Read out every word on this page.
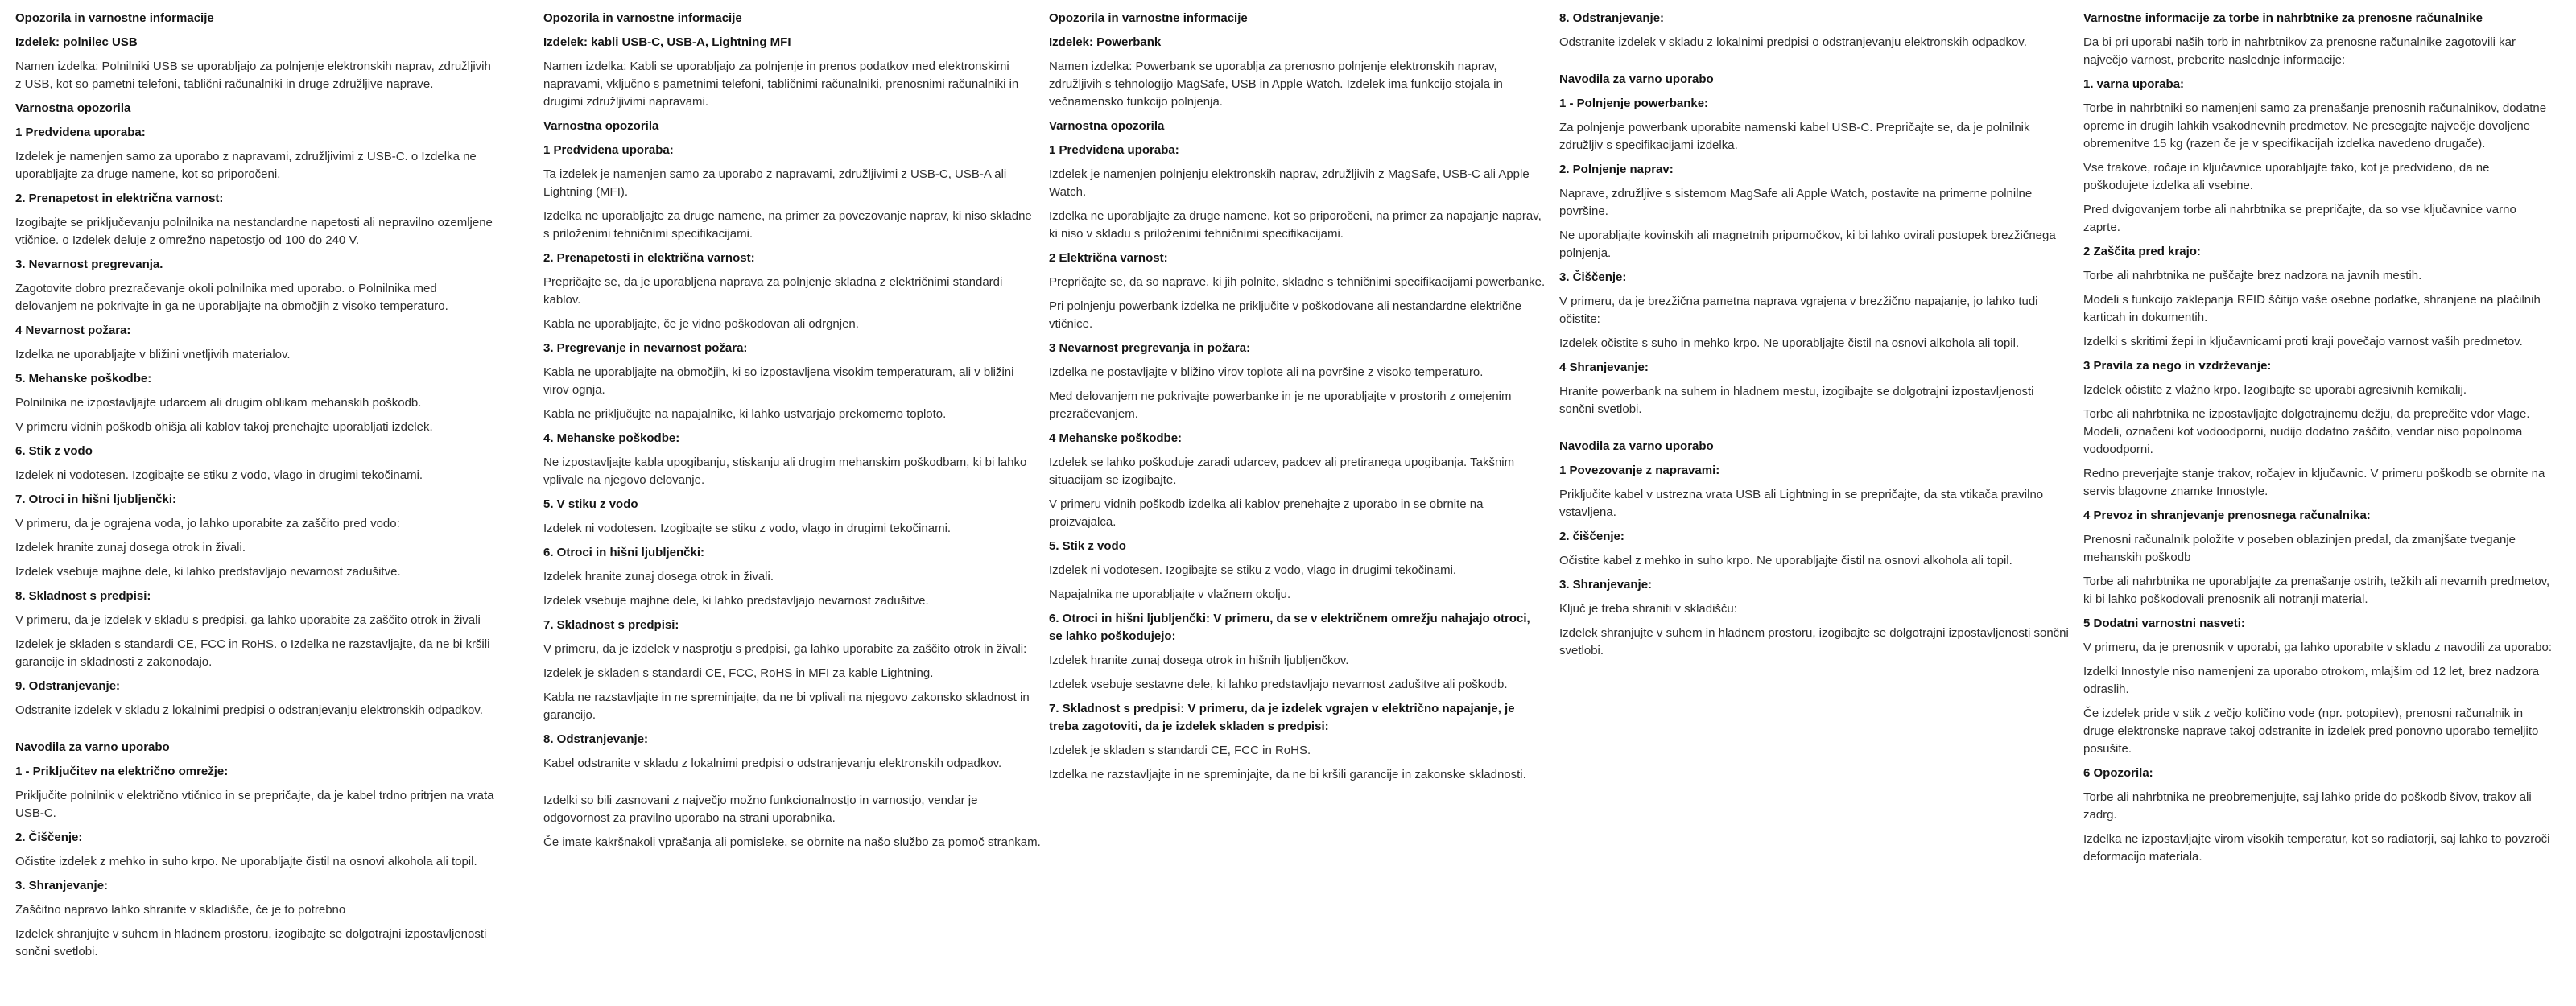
Opozorila in varnostne informacije
Izdelek: polnilec USB
Namen izdelka: Polnilniki USB se uporabljajo za polnjenje elektronskih naprav, združljivih z USB, kot so pametni telefoni, tablični računalniki in druge združljive naprave.
Varnostna opozorila
1 Predvidena uporaba:
Izdelek je namenjen samo za uporabo z napravami, združljivimi z USB-C. o Izdelka ne uporabljajte za druge namene, kot so priporočeni.
2. Prenapetost in električna varnost:
Izogibajte se priključevanju polnilnika na nestandardne napetosti ali nepravilno ozemljene vtičnice. o Izdelek deluje z omrežno napetostjo od 100 do 240 V.
3. Nevarnost pregrevanja.
Zagotovite dobro prezračevanje okoli polnilnika med uporabo. o Polnilnika med delovanjem ne pokrivajte in ga ne uporabljajte na območjih z visoko temperaturo.
4 Nevarnost požara:
Izdelka ne uporabljajte v bližini vnetljivih materialov.
5. Mehanske poškodbe:
Polnilnika ne izpostavljajte udarcem ali drugim oblikam mehanskih poškodb.
V primeru vidnih poškodb ohišja ali kablov takoj prenehajte uporabljati izdelek.
6. Stik z vodo
Izdelek ni vodotesen. Izogibajte se stiku z vodo, vlago in drugimi tekočinami.
7. Otroci in hišni ljubljenčki:
V primeru, da je ograjena voda, jo lahko uporabite za zaščito pred vodo:
Izdelek hranite zunaj dosega otrok in živali.
Izdelek vsebuje majhne dele, ki lahko predstavljajo nevarnost zadušitve.
8. Skladnost s predpisi:
V primeru, da je izdelek v skladu s predpisi, ga lahko uporabite za zaščito otrok in živali
Izdelek je skladen s standardi CE, FCC in RoHS. o Izdelka ne razstavljajte, da ne bi kršili garancije in skladnosti z zakonodajo.
9. Odstranjevanje:
Odstranite izdelek v skladu z lokalnimi predpisi o odstranjevanju elektronskih odpadkov.
Navodila za varno uporabo
1 - Priključitev na električno omrežje:
Priključite polnilnik v električno vtičnico in se prepričajte, da je kabel trdno pritrjen na vrata USB-C.
2. Čiščenje:
Očistite izdelek z mehko in suho krpo. Ne uporabljajte čistil na osnovi alkohola ali topil.
3. Shranjevanje:
Zaščitno napravo lahko shranite v skladišče, če je to potrebno
Izdelek shranjujte v suhem in hladnem prostoru, izogibajte se dolgotrajni izpostavljenosti sončni svetlobi.
Opozorila in varnostne informacije
Izdelek: kabli USB-C, USB-A, Lightning MFI
Namen izdelka: Kabli se uporabljajo za polnjenje in prenos podatkov med elektronskimi napravami, vključno s pametnimi telefoni, tabličnimi računalniki, prenosnimi računalniki in drugimi združljivimi napravami.
Varnostna opozorila
1 Predvidena uporaba:
Ta izdelek je namenjen samo za uporabo z napravami, združljivimi z USB-C, USB-A ali Lightning (MFI).
Izdelka ne uporabljajte za druge namene, na primer za povezovanje naprav, ki niso skladne s priloženimi tehničnimi specifikacijami.
2. Prenapetosti in električna varnost:
Prepričajte se, da je uporabljena naprava za polnjenje skladna z električnimi standardi kablov.
Kabla ne uporabljajte, če je vidno poškodovan ali odrgnjen.
3. Pregrevanje in nevarnost požara:
Kabla ne uporabljajte na območjih, ki so izpostavljena visokim temperaturam, ali v bližini virov ognja.
Kabla ne priključujte na napajalnike, ki lahko ustvarjajo prekomerno toploto.
4. Mehanske poškodbe:
Ne izpostavljajte kabla upogibanju, stiskanju ali drugim mehanskim poškodbam, ki bi lahko vplivale na njegovo delovanje.
5. V stiku z vodo
Izdelek ni vodotesen. Izogibajte se stiku z vodo, vlago in drugimi tekočinami.
6. Otroci in hišni ljubljenčki:
Izdelek hranite zunaj dosega otrok in živali.
Izdelek vsebuje majhne dele, ki lahko predstavljajo nevarnost zadušitve.
7. Skladnost s predpisi:
V primeru, da je izdelek v nasprotju s predpisi, ga lahko uporabite za zaščito otrok in živali:
Izdelek je skladen s standardi CE, FCC, RoHS in MFI za kable Lightning.
Kabla ne razstavljajte in ne spreminjajte, da ne bi vplivali na njegovo zakonsko skladnost in garancijo.
8. Odstranjevanje:
Kabel odstranite v skladu z lokalnimi predpisi o odstranjevanju elektronskih odpadkov.
Izdelki so bili zasnovani z največjo možno funkcionalnostjo in varnostjo, vendar je odgovornost za pravilno uporabo na strani uporabnika.
Če imate kakršnakoli vprašanja ali pomisleke, se obrnite na našo službo za pomoč strankam.
Opozorila in varnostne informacije
Izdelek: Powerbank
Namen izdelka: Powerbank se uporablja za prenosno polnjenje elektronskih naprav, združljivih s tehnologijo MagSafe, USB in Apple Watch. Izdelek ima funkcijo stojala in večnamensko funkcijo polnjenja.
Varnostna opozorila
1 Predvidena uporaba:
Izdelek je namenjen polnjenju elektronskih naprav, združljivih z MagSafe, USB-C ali Apple Watch.
Izdelka ne uporabljajte za druge namene, kot so priporočeni, na primer za napajanje naprav, ki niso v skladu s priloženimi tehničnimi specifikacijami.
2 Električna varnost:
Prepričajte se, da so naprave, ki jih polnite, skladne s tehničnimi specifikacijami powerbanke.
Pri polnjenju powerbank izdelka ne priključite v poškodovane ali nestandardne električne vtičnice.
3 Nevarnost pregrevanja in požara:
Izdelka ne postavljajte v bližino virov toplote ali na površine z visoko temperaturo.
Med delovanjem ne pokrivajte powerbanke in je ne uporabljajte v prostorih z omejenim prezračevanjem.
4 Mehanske poškodbe:
Izdelek se lahko poškoduje zaradi udarcev, padcev ali pretiranega upogibanja. Takšnim situacijam se izogibajte.
V primeru vidnih poškodb izdelka ali kablov prenehajte z uporabo in se obrnite na proizvajalca.
5. Stik z vodo
Izdelek ni vodotesen. Izogibajte se stiku z vodo, vlago in drugimi tekočinami.
Napajalnika ne uporabljajte v vlažnem okolju.
6. Otroci in hišni ljubljenčki: V primeru, da se v električnem omrežju nahajajo otroci, se lahko poškodujejo:
Izdelek hranite zunaj dosega otrok in hišnih ljubljenčkov.
Izdelek vsebuje sestavne dele, ki lahko predstavljajo nevarnost zadušitve ali poškodb.
7. Skladnost s predpisi: V primeru, da je izdelek vgrajen v električno napajanje, je treba zagotoviti, da je izdelek skladen s predpisi:
Izdelek je skladen s standardi CE, FCC in RoHS.
Izdelka ne razstavljajte in ne spreminjajte, da ne bi kršili garancije in zakonske skladnosti.
8. Odstranjevanje:
Odstranite izdelek v skladu z lokalnimi predpisi o odstranjevanju elektronskih odpadkov.
Navodila za varno uporabo
1 - Polnjenje powerbanke:
Za polnjenje powerbank uporabite namenski kabel USB-C. Prepričajte se, da je polnilnik združljiv s specifikacijami izdelka.
2. Polnjenje naprav:
Naprave, združljive s sistemom MagSafe ali Apple Watch, postavite na primerne polnilne površine.
Ne uporabljajte kovinskih ali magnetnih pripomočkov, ki bi lahko ovirali postopek brezžičnega polnjenja.
3. Čiščenje:
V primeru, da je brezžična pametna naprava vgrajena v brezžično napajanje, jo lahko tudi očistite:
Izdelek očistite s suho in mehko krpo. Ne uporabljajte čistil na osnovi alkohola ali topil.
4 Shranjevanje:
Hranite powerbank na suhem in hladnem mestu, izogibajte se dolgotrajni izpostavljenosti sončni svetlobi.
Navodila za varno uporabo
1 Povezovanje z napravami:
Priključite kabel v ustrezna vrata USB ali Lightning in se prepričajte, da sta vtikača pravilno vstavljena.
2. čiščenje:
Očistite kabel z mehko in suho krpo. Ne uporabljajte čistil na osnovi alkohola ali topil.
3. Shranjevanje:
Ključ je treba shraniti v skladišču:
Izdelek shranjujte v suhem in hladnem prostoru, izogibajte se dolgotrajni izpostavljenosti sončni svetlobi.
Varnostne informacije za torbe in nahrbtnike za prenosne računalnike
Da bi pri uporabi naših torb in nahrbtnikov za prenosne računalnike zagotovili kar največjo varnost, preberite naslednje informacije:
1. varna uporaba:
Torbe in nahrbtniki so namenjeni samo za prenašanje prenosnih računalnikov, dodatne opreme in drugih lahkih vsakodnevnih predmetov. Ne presegajte največje dovoljene obremenitve 15 kg (razen če je v specifikacijah izdelka navedeno drugače).
Vse trakove, ročaje in ključavnice uporabljajte tako, kot je predvideno, da ne poškodujete izdelka ali vsebine.
Pred dvigovanjem torbe ali nahrbtnika se prepričajte, da so vse ključavnice varno zaprte.
2 Zaščita pred krajo:
Torbe ali nahrbtnika ne puščajte brez nadzora na javnih mestih.
Modeli s funkcijo zaklepanja RFID ščitijo vaše osebne podatke, shranjene na plačilnih karticah in dokumentih.
Izdelki s skritimi žepi in ključavnicami proti kraji povečajo varnost vaših predmetov.
3 Pravila za nego in vzdrževanje:
Izdelek očistite z vlažno krpo. Izogibajte se uporabi agresivnih kemikalij.
Torbe ali nahrbtnika ne izpostavljajte dolgotrajnemu dežju, da preprečite vdor vlage. Modeli, označeni kot vodoodporni, nudijo dodatno zaščito, vendar niso popolnoma vodoodporni.
Redno preverjajte stanje trakov, ročajev in ključavnic. V primeru poškodb se obrnite na servis blagovne znamke Innostyle.
4 Prevoz in shranjevanje prenosnega računalnika:
Prenosni računalnik položite v poseben oblazinjen predal, da zmanjšate tveganje mehanskih poškodb
Torbe ali nahrbtnika ne uporabljajte za prenašanje ostrih, težkih ali nevarnih predmetov, ki bi lahko poškodovali prenosnik ali notranji material.
5 Dodatni varnostni nasveti:
V primeru, da je prenosnik v uporabi, ga lahko uporabite v skladu z navodili za uporabo:
Izdelki Innostyle niso namenjeni za uporabo otrokom, mlajšim od 12 let, brez nadzora odraslih.
Če izdelek pride v stik z večjo količino vode (npr. potopitev), prenosni računalnik in druge elektronske naprave takoj odstranite in izdelek pred ponovno uporabo temeljito posušite.
6 Opozorila:
Torbe ali nahrbtnika ne preobremenjujte, saj lahko pride do poškodb šivov, trakov ali zadrg.
Izdelka ne izpostavljajte virom visokih temperatur, kot so radiatorji, saj lahko to povzroči deformacijo materiala.
